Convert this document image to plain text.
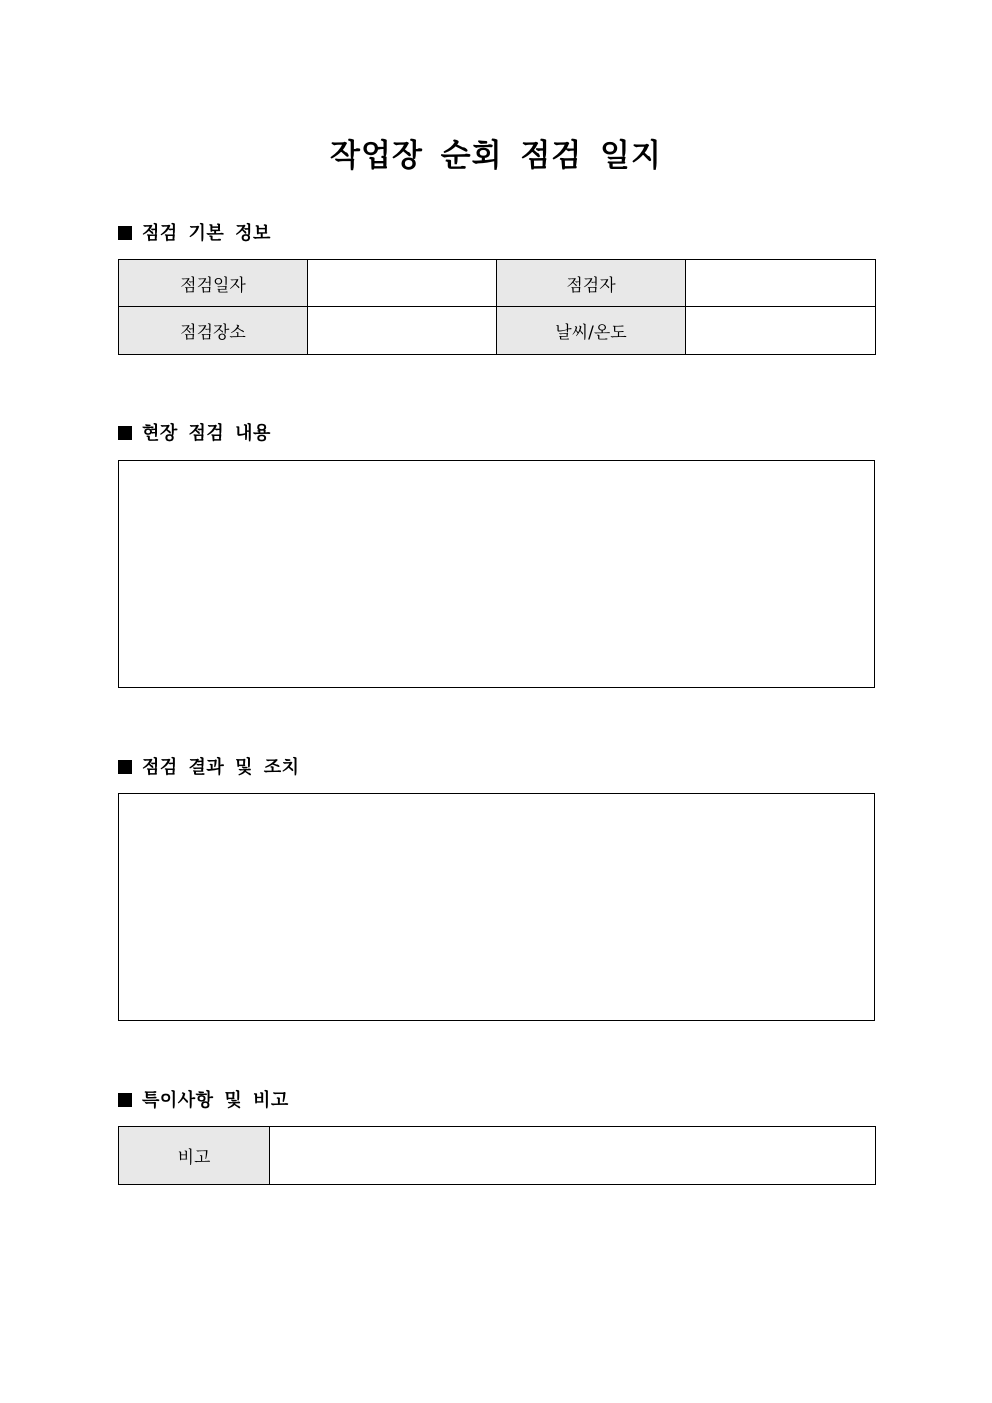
작업장 순회 점검 일지
점검 기본 정보
점검일자		점검자	
점검장소		날씨/온도	
현장 점검 내용
점검 결과 및 조치
특이사항 및 비고
비고	
